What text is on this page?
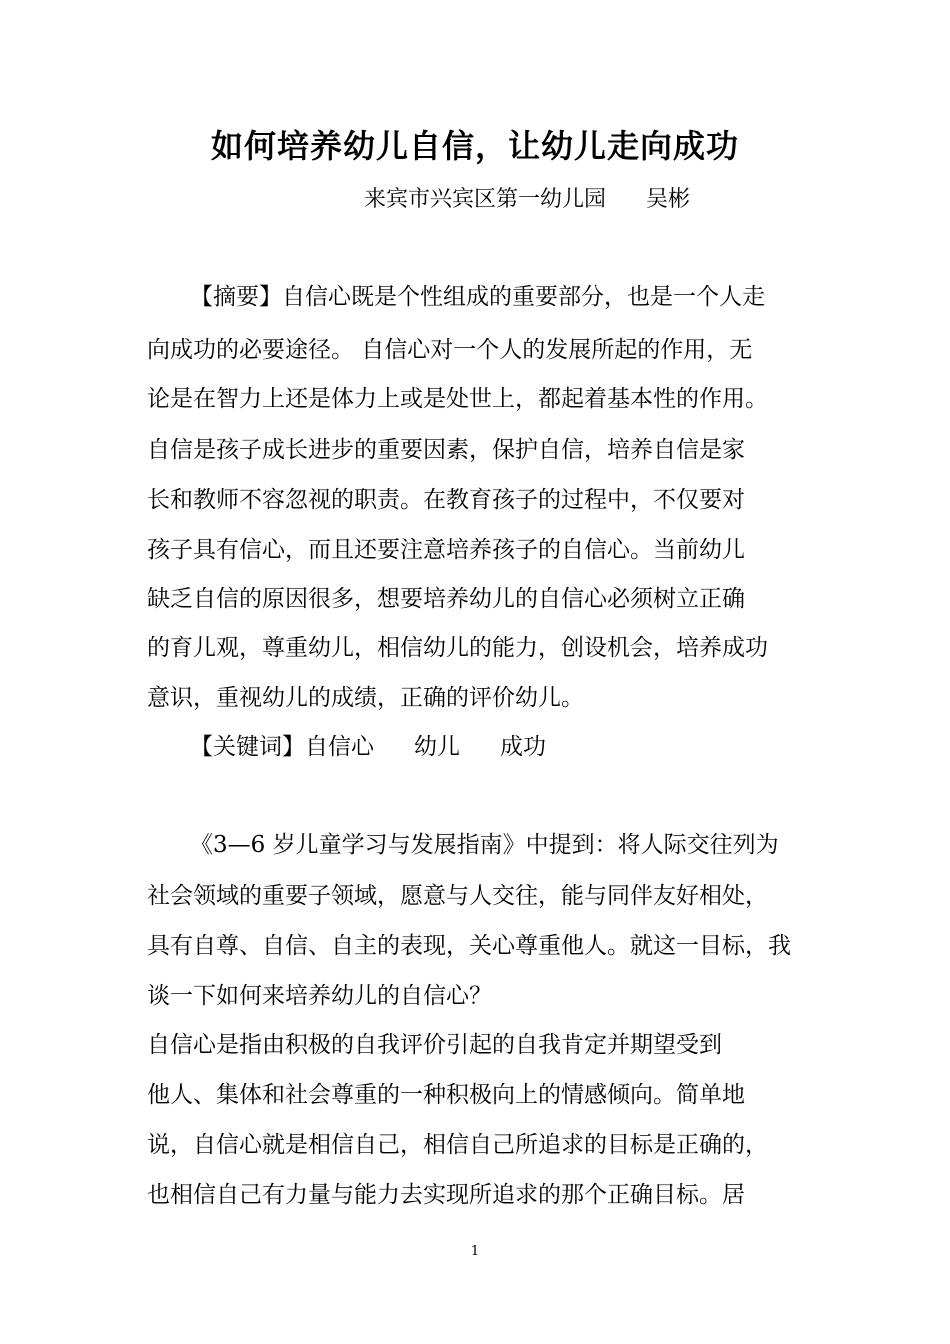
如何培养幼儿自信，让幼儿走向成功
来宾市兴宾区第一幼儿园 吴彬
【摘要】自信心既是个性组成的重要部分，也是一个人走
向成功的必要途径。 自信心对一个人的发展所起的作用，无
论是在智力上还是体力上或是处世上，都起着基本性的作用。
自信是孩子成长进步的重要因素，保护自信，培养自信是家
长和教师不容忽视的职责。在教育孩子的过程中，不仅要对
孩子具有信心，而且还要注意培养孩子的自信心。当前幼儿
缺乏自信的原因很多，想要培养幼儿的自信心必须树立正确
的育儿观，尊重幼儿，相信幼儿的能力，创设机会，培养成功
意识，重视幼儿的成绩，正确的评价幼儿。
【关键词】自信心 幼儿 成功
《3—6 岁儿童学习与发展指南》中提到：将人际交往列为
社会领域的重要子领域，愿意与人交往，能与同伴友好相处，
具有自尊、自信、自主的表现，关心尊重他人。就这一目标，我
谈一下如何来培养幼儿的自信心？
自信心是指由积极的自我评价引起的自我肯定并期望受到
他人、集体和社会尊重的一种积极向上的情感倾向。简单地
说，自信心就是相信自己，相信自己所追求的目标是正确的，
也相信自己有力量与能力去实现所追求的那个正确目标。居
1
